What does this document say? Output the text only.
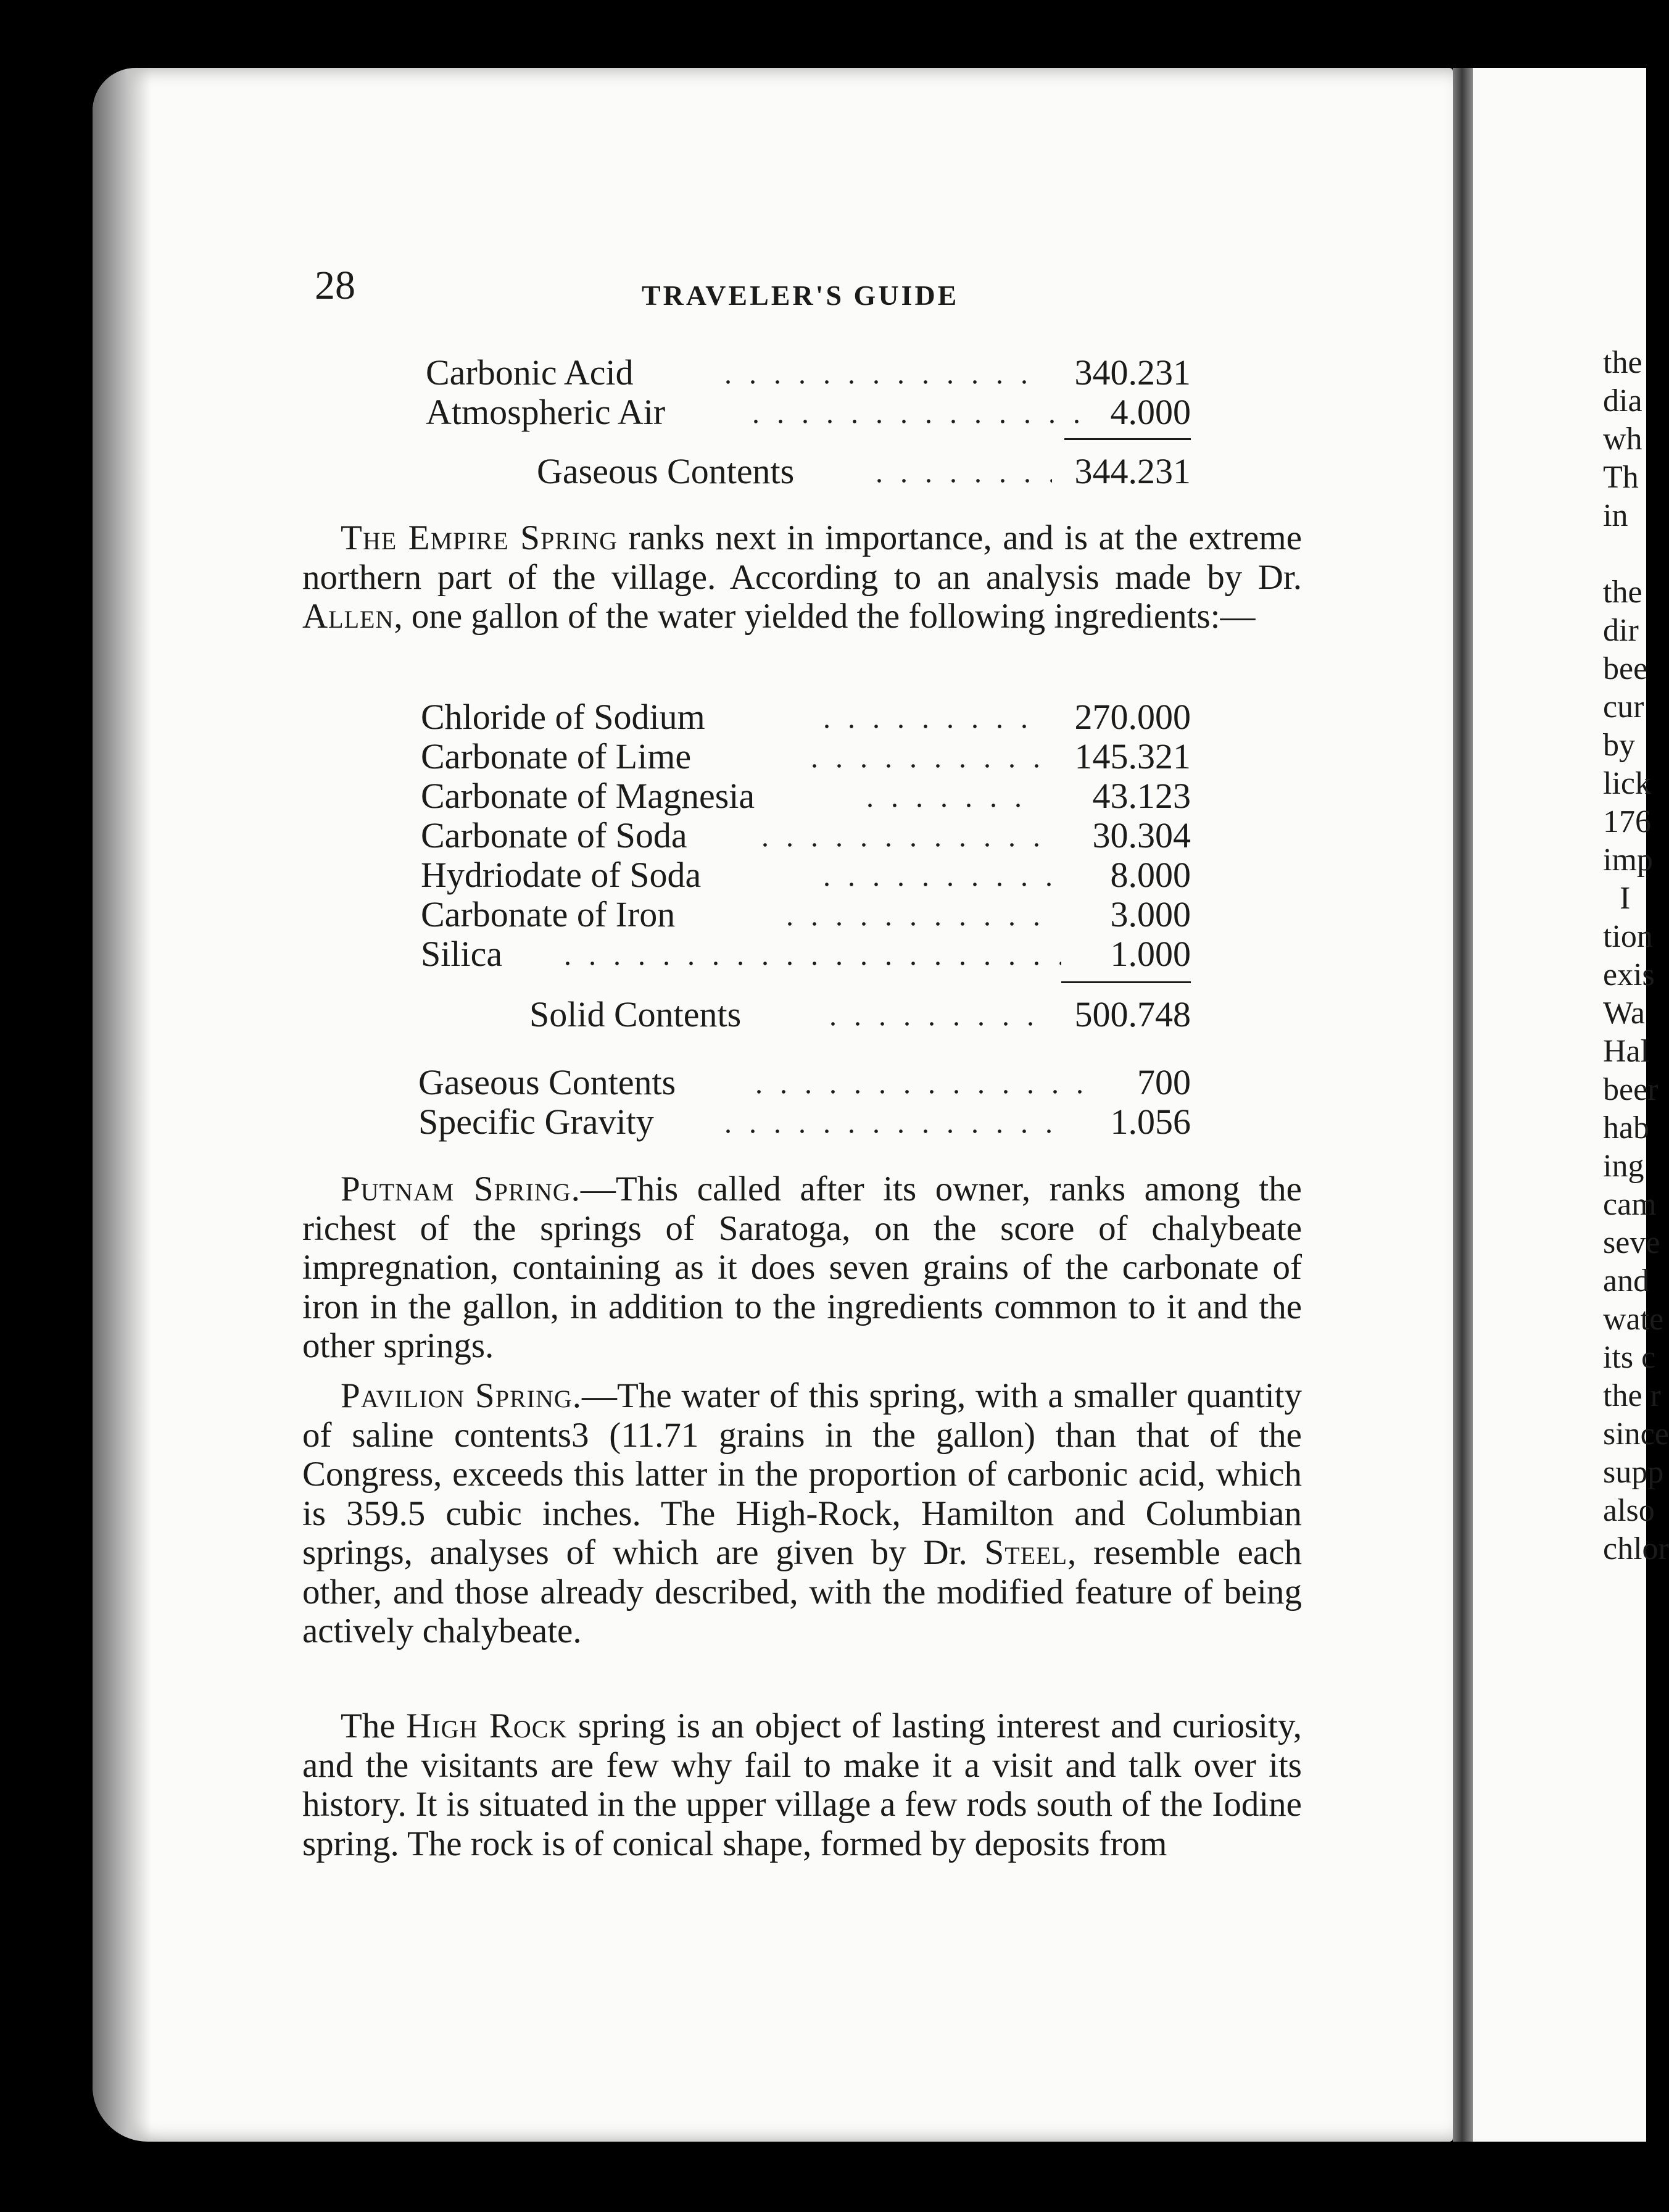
28	TRAVELER'S GUIDE
Carbonic Acid	340.231
Atmospheric Air	4.000
Gaseous Contents	344.231

The Empire Spring ranks next in importance, and is at the extreme northern part of the village. According to an analysis made by Dr. Allen, one gallon of the water yielded the following ingredients:—

Chloride of Sodium	270.000
Carbonate of Lime	145.321
Carbonate of Magnesia	43.123
Carbonate of Soda	30.304
Hydriodate of Soda	8.000
Carbonate of Iron	3.000
Silica	1.000
Solid Contents	500.748
Gaseous Contents	700
Specific Gravity	1.056

Putnam Spring.—This called after its owner, ranks among the richest of the springs of Saratoga, on the score of chalybeate impregnation, containing as it does seven grains of the carbonate of iron in the gallon, in addition to the ingredients common to it and the other springs.

Pavilion Spring.—The water of this spring, with a smaller quantity of saline contents3 (11.71 grains in the gallon) than that of the Congress, exceeds this latter in the proportion of carbonic acid, which is 359.5 cubic inches. The High-Rock, Hamilton and Columbian springs, analyses of which are given by Dr. Steel, resemble each other, and those already described, with the modified feature of being actively chalybeate.

The High Rock spring is an object of lasting interest and curiosity, and the visitants are few why fail to make it a visit and talk over its history. It is situated in the upper village a few rods south of the Iodine spring. The rock is of conical shape, formed by deposits from

the
dia
wh
Th
in
the
dir
bee
cur
by
lick
176
imp
I
tion
exis
Wa
Hal
beer
hab
ing
cam
seve
and
wate
its c
the r
since
supp
also
chlor
